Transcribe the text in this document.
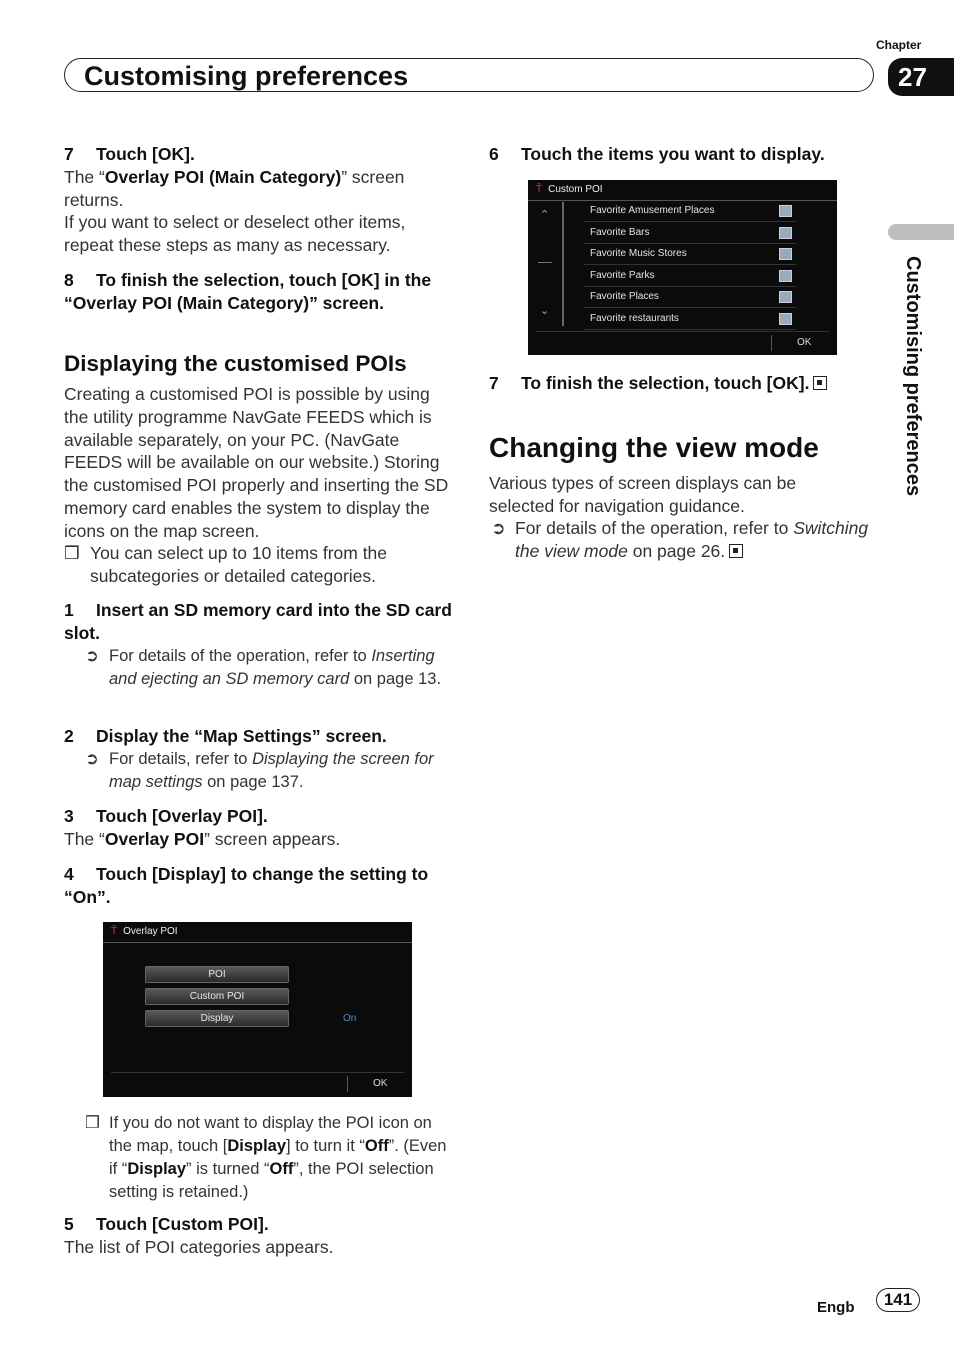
Chapter
Customising preferences	27
Customising preferences
7 Touch [OK].
The “Overlay POI (Main Category)” screen returns.
If you want to select or deselect other items, repeat these steps as many as necessary.
8 To finish the selection, touch [OK] in the “Overlay POI (Main Category)” screen.
Displaying the customised POIs
Creating a customised POI is possible by using the utility programme NavGate FEEDS which is available separately, on your PC. (NavGate FEEDS will be available on our website.) Storing the customised POI properly and inserting the SD memory card enables the system to display the icons on the map screen.
❒ You can select up to 10 items from the subcategories or detailed categories.
1 Insert an SD memory card into the SD card slot.
➲ For details of the operation, refer to Inserting and ejecting an SD memory card on page 13.
2 Display the “Map Settings” screen.
➲ For details, refer to Displaying the screen for map settings on page 137.
3 Touch [Overlay POI].
The “Overlay POI” screen appears.
4 Touch [Display] to change the setting to “On”.
Ť Overlay POI
POI
Custom POI
Display	On
OK
❒ If you do not want to display the POI icon on the map, touch [Display] to turn it “Off”. (Even if “Display” is turned “Off”, the POI selection setting is retained.)
5 Touch [Custom POI].
The list of POI categories appears.
6 Touch the items you want to display.
Ť Custom POI
⌃
⌄
Favorite Amusement Places
Favorite Bars
Favorite Music Stores
Favorite Parks
Favorite Places
Favorite restaurants
OK
7 To finish the selection, touch [OK].
Changing the view mode
Various types of screen displays can be selected for navigation guidance.
➲ For details of the operation, refer to Switching the view mode on page 26.
Engb	141
